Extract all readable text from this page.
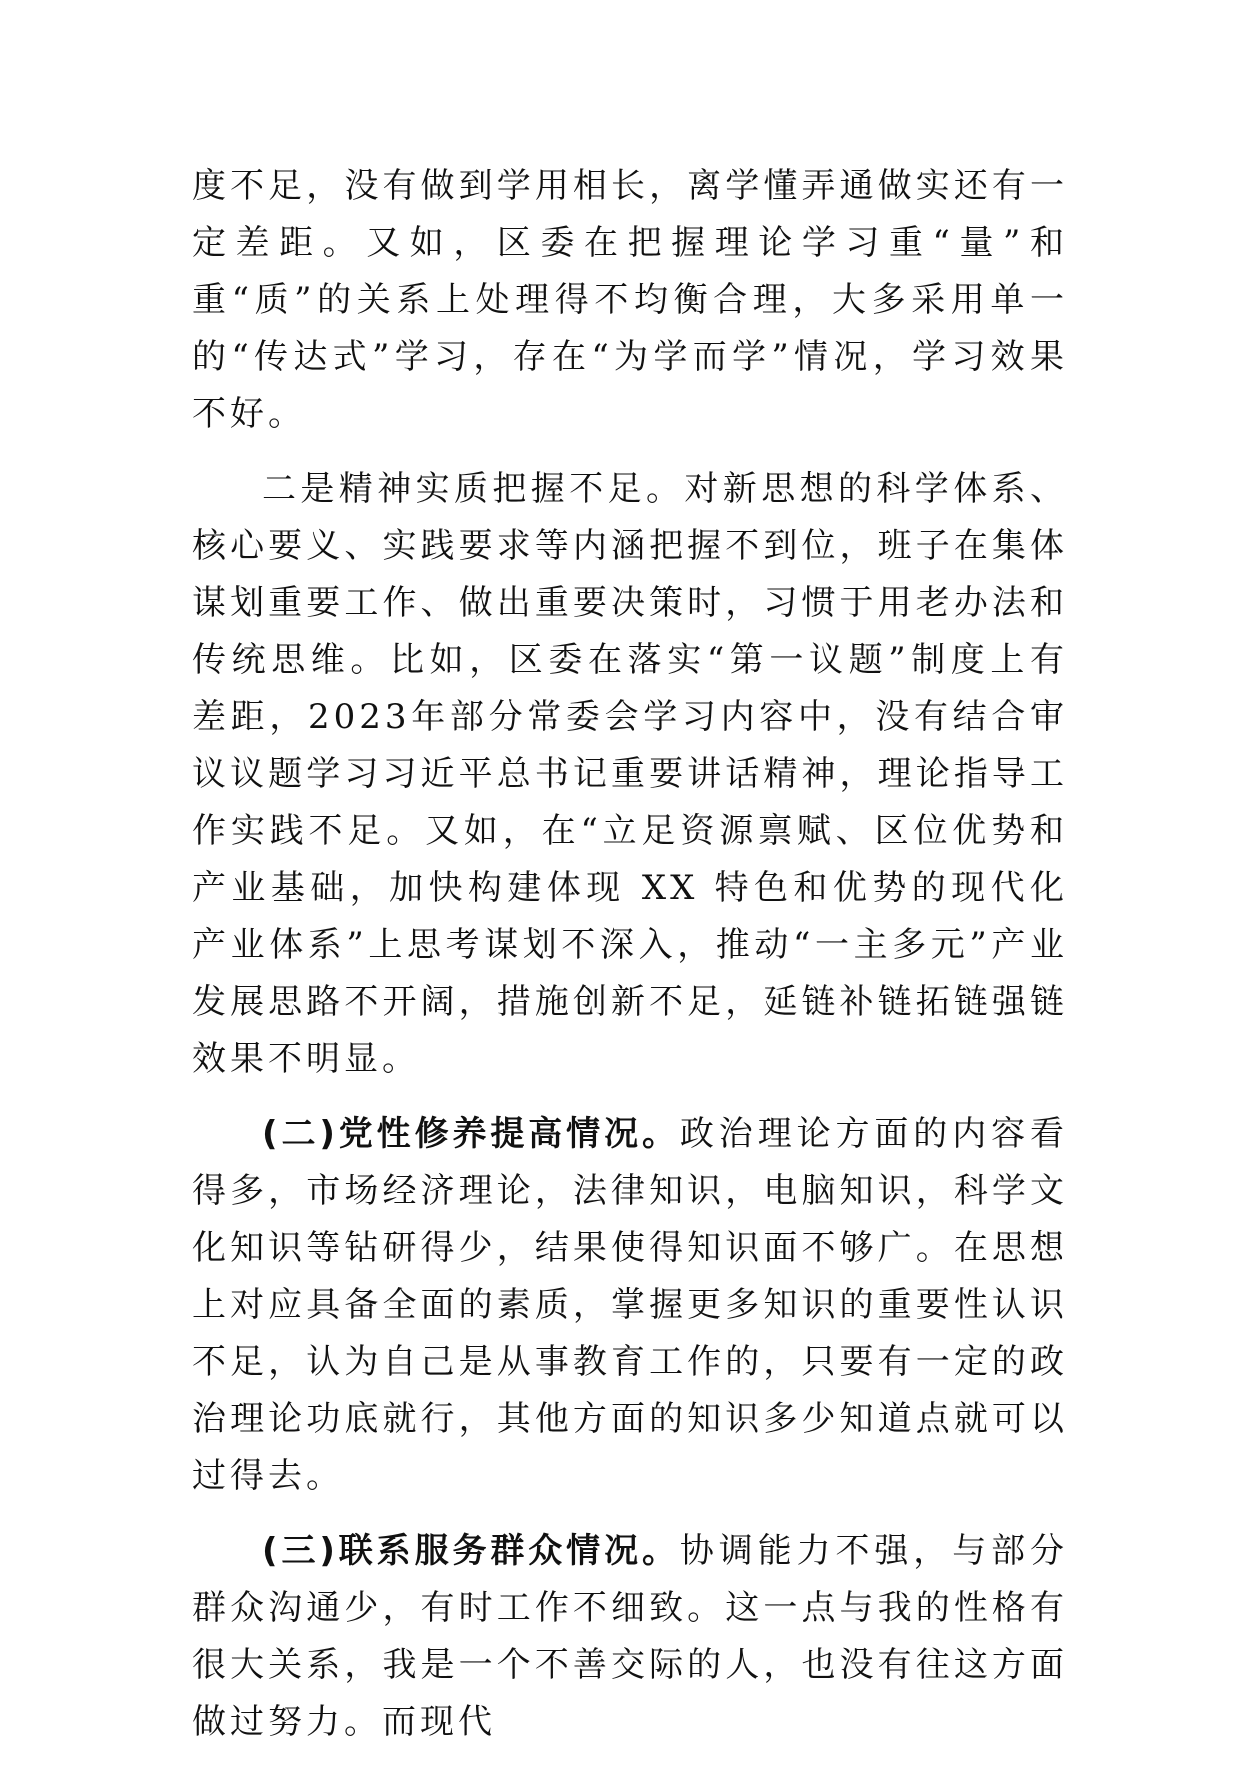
度不足，没有做到学用相长，离学懂弄通做实还有一定差距。又如，区委在把握理论学习重“量”和重“质”的关系上处理得不均衡合理，大多采用单一的“传达式”学习，存在“为学而学”情况，学习效果不好。

二是精神实质把握不足。对新思想的科学体系、核心要义、实践要求等内涵把握不到位，班子在集体谋划重要工作、做出重要决策时，习惯于用老办法和传统思维。比如，区委在落实“第一议题”制度上有差距，2023年部分常委会学习内容中，没有结合审议议题学习习近平总书记重要讲话精神，理论指导工作实践不足。又如，在“立足资源禀赋、区位优势和产业基础，加快构建体现 XX 特色和优势的现代化产业体系”上思考谋划不深入，推动“一主多元”产业发展思路不开阔，措施创新不足，延链补链拓链强链效果不明显。

(二)党性修养提高情况。政治理论方面的内容看得多，市场经济理论，法律知识，电脑知识，科学文化知识等钻研得少，结果使得知识面不够广。在思想上对应具备全面的素质，掌握更多知识的重要性认识不足，认为自己是从事教育工作的，只要有一定的政治理论功底就行，其他方面的知识多少知道点就可以过得去。

(三)联系服务群众情况。协调能力不强，与部分群众沟通少，有时工作不细致。这一点与我的性格有很大关系，我是一个不善交际的人，也没有往这方面做过努力。而现代
